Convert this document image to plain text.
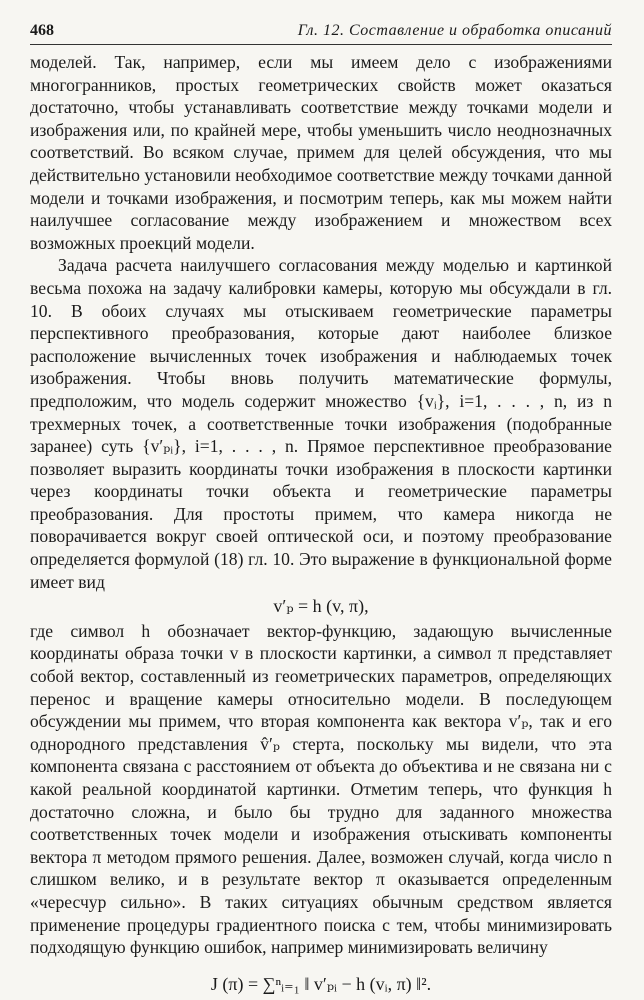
468	Гл. 12. Составление и обработка описаний

моделей. Так, например, если мы имеем дело с изображениями многогранников, простых геометрических свойств может оказаться достаточно, чтобы устанавливать соответствие между точками модели и изображения или, по крайней мере, чтобы уменьшить число неоднозначных соответствий. Во всяком случае, примем для целей обсуждения, что мы действительно установили необходимое соответствие между точками данной модели и точками изображения, и посмотрим теперь, как мы можем найти наилучшее согласование между изображением и множеством всех возможных проекций модели.

Задача расчета наилучшего согласования между моделью и картинкой весьма похожа на задачу калибровки камеры, которую мы обсуждали в гл. 10. В обоих случаях мы отыскиваем геометрические параметры перспективного преобразования, которые дают наиболее близкое расположение вычисленных точек изображения и наблюдаемых точек изображения. Чтобы вновь получить математические формулы, предположим, что модель содержит множество {vᵢ}, i=1, . . . , n, из n трехмерных точек, а соответственные точки изображения (подобранные заранее) суть {v′ₚᵢ}, i=1, . . . , n. Прямое перспективное преобразование позволяет выразить координаты точки изображения в плоскости картинки через координаты точки объекта и геометрические параметры преобразования. Для простоты примем, что камера никогда не поворачивается вокруг своей оптической оси, и поэтому преобразование определяется формулой (18) гл. 10. Это выражение в функциональной форме имеет вид

v′ₚ = h (v, π),

где символ h обозначает вектор-функцию, задающую вычисленные координаты образа точки v в плоскости картинки, а символ π представляет собой вектор, составленный из геометрических параметров, определяющих перенос и вращение камеры относительно модели. В последующем обсуждении мы примем, что вторая компонента как вектора v′ₚ, так и его однородного представления v̂′ₚ стерта, поскольку мы видели, что эта компонента связана с расстоянием от объекта до объектива и не связана ни с какой реальной координатой картинки. Отметим теперь, что функция h достаточно сложна, и было бы трудно для заданного множества соответственных точек модели и изображения отыскивать компоненты вектора π методом прямого решения. Далее, возможен случай, когда число n слишком велико, и в результате вектор π оказывается определенным «чересчур сильно». В таких ситуациях обычным средством является применение процедуры градиентного поиска с тем, чтобы минимизировать подходящую функцию ошибок, например минимизировать величину

J (π) = ∑ⁿᵢ₌₁ ‖ v′ₚᵢ − h (vᵢ, π) ‖².
